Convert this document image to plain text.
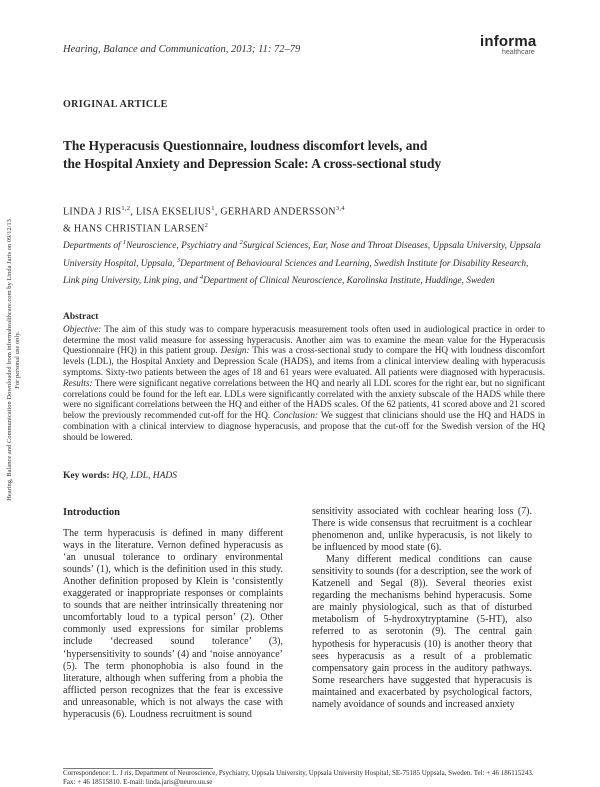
Hearing, Balance and Communication, 2013; 11: 72–79	informa
healthcare
ORIGINAL ARTICLE
The Hyperacusis Questionnaire, loudness discomfort levels, and
the Hospital Anxiety and Depression Scale: A cross-sectional study
LINDA J RIS$^{1,2}$, LISA EKSELIUS$^1$, GERHARD ANDERSSON$^{3,4}$
& HANS CHRISTIAN LARSEN$^2$
Departments of $^1$Neuroscience, Psychiatry and $^2$Surgical Sciences, Ear, Nose and Throat Diseases, Uppsala University, Uppsala University Hospital, Uppsala, $^3$Department of Behavioural Sciences and Learning, Swedish Institute for Disability Research, Link ping University, Link ping, and $^4$Department of Clinical Neuroscience, Karolinska Institute, Huddinge, Sweden
Abstract
Objective: The aim of this study was to compare hyperacusis measurement tools often used in audiological practice in order to determine the most valid measure for assessing hyperacusis. Another aim was to examine the mean value for the Hyperacusis Questionnaire (HQ) in this patient group. Design: This was a cross-sectional study to compare the HQ with loudness discomfort levels (LDL), the Hospital Anxiety and Depression Scale (HADS), and items from a clinical interview dealing with hyperacusis symptoms. Sixty-two patients between the ages of 18 and 61 years were evaluated. All patients were diagnosed with hyperacusis. Results: There were significant negative correlations between the HQ and nearly all LDL scores for the right ear, but no significant correlations could be found for the left ear. LDLs were significantly correlated with the anxiety subscale of the HADS while there were no significant correlations between the HQ and either of the HADS scales. Of the 62 patients, 41 scored above and 21 scored below the previously recommended cut-off for the HQ. Conclusion: We suggest that clinicians should use the HQ and HADS in combination with a clinical interview to diagnose hyperacusis, and propose that the cut-off for the Swedish version of the HQ should be lowered.
Key words: HQ, LDL, HADS
Introduction

The term hyperacusis is defined in many different ways in the literature. Vernon defined hyperacusis as ‘an unusual tolerance to ordinary environmental sounds’ (1), which is the definition used in this study. Another definition proposed by Klein is ‘consistently exaggerated or inappropriate responses or complaints to sounds that are neither intrinsically threatening nor uncomfortably loud to a typical person’ (2). Other commonly used expressions for similar problems include ‘decreased sound tolerance’ (3), ‘hypersensitivity to sounds’ (4) and ‘noise annoyance’ (5). The term phonophobia is also found in the literature, although when suffering from a phobia the afflicted person recognizes that the fear is excessive and unreasonable, which is not always the case with hyperacusis (6). Loudness recruitment is sound

sensitivity associated with cochlear hearing loss (7). There is wide consensus that recruitment is a cochlear phenomenon and, unlike hyperacusis, is not likely to be influenced by mood state (6).

Many different medical conditions can cause sensitivity to sounds (for a description, see the work of Katzenell and Segal (8)). Several theories exist regarding the mechanisms behind hyperacusis. Some are mainly physiological, such as that of disturbed metabolism of 5-hydroxytryptamine (5-HT), also referred to as serotonin (9). The central gain hypothesis for hyperacusis (10) is another theory that sees hyperacusis as a result of a problematic compensatory gain process in the auditory pathways. Some researchers have suggested that hyperacusis is maintained and exacerbated by psychological factors, namely avoidance of sounds and increased anxiety

Correspondence: L. J ris, Department of Neuroscience, Psychiatry, Uppsala University, Uppsala University Hospital, SE-75185 Uppsala, Sweden. Tel: + 46 186115243. Fax: + 46 18515810. E-mail: linda.jaris@neuro.uu.se
Hearing, Balance and Communication Downloaded from informahealthcare.com by Linda Jaris on 09/12/13 For personal use only.
